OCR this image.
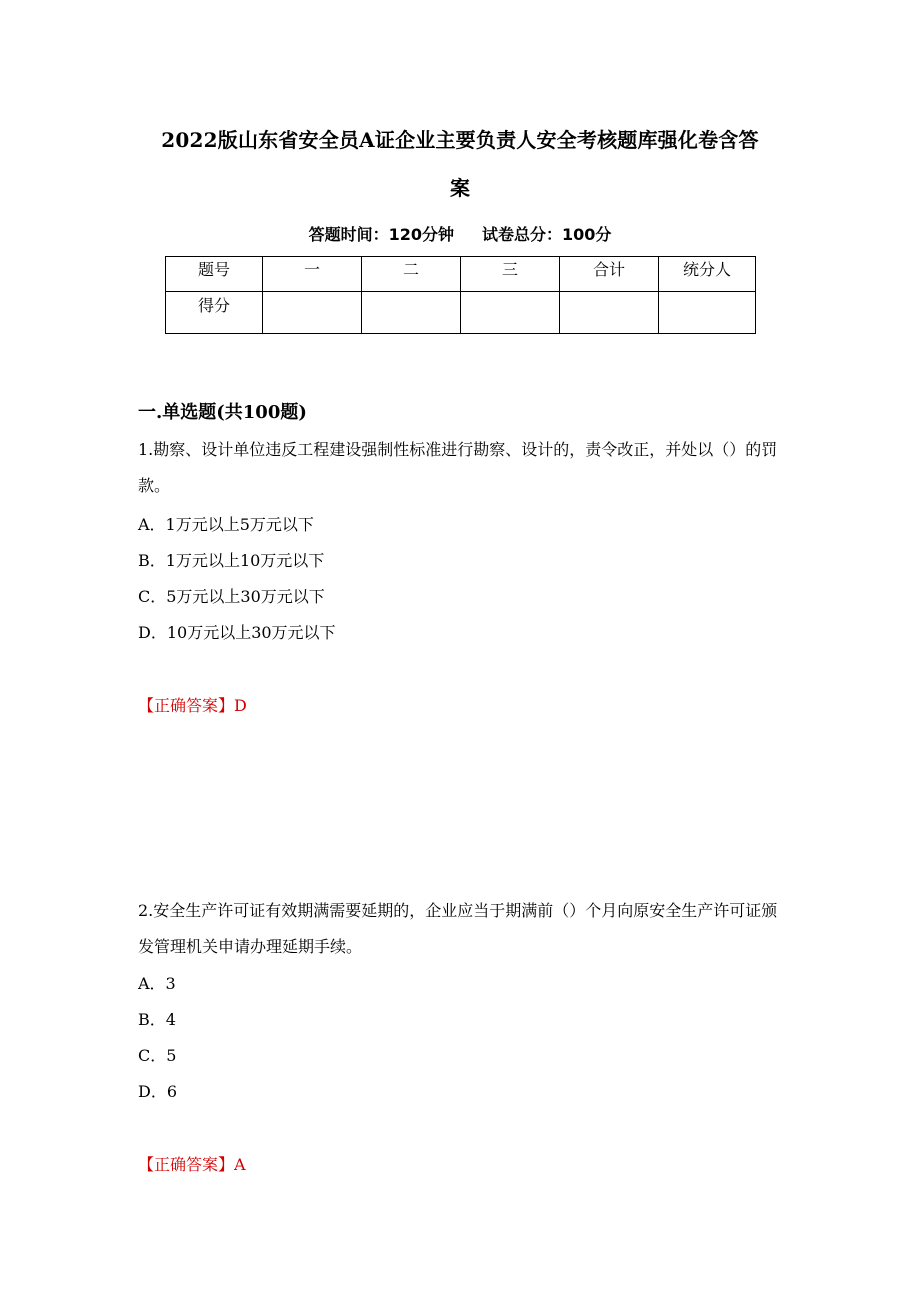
2022版山东省安全员A证企业主要负责人安全考核题库强化卷含答
案
答题时间：120分钟 试卷总分：100分
题号	一	二	三	合计	统分人
得分					
一.单选题(共100题)
1.勘察、设计单位违反工程建设强制性标准进行勘察、设计的，责令改正，并处以（）的罚款。
A．1万元以上5万元以下
B．1万元以上10万元以下
C．5万元以上30万元以下
D．10万元以上30万元以下
【正确答案】D
2.安全生产许可证有效期满需要延期的，企业应当于期满前（）个月向原安全生产许可证颁发管理机关申请办理延期手续。
A．3
B．4
C．5
D．6
【正确答案】A
